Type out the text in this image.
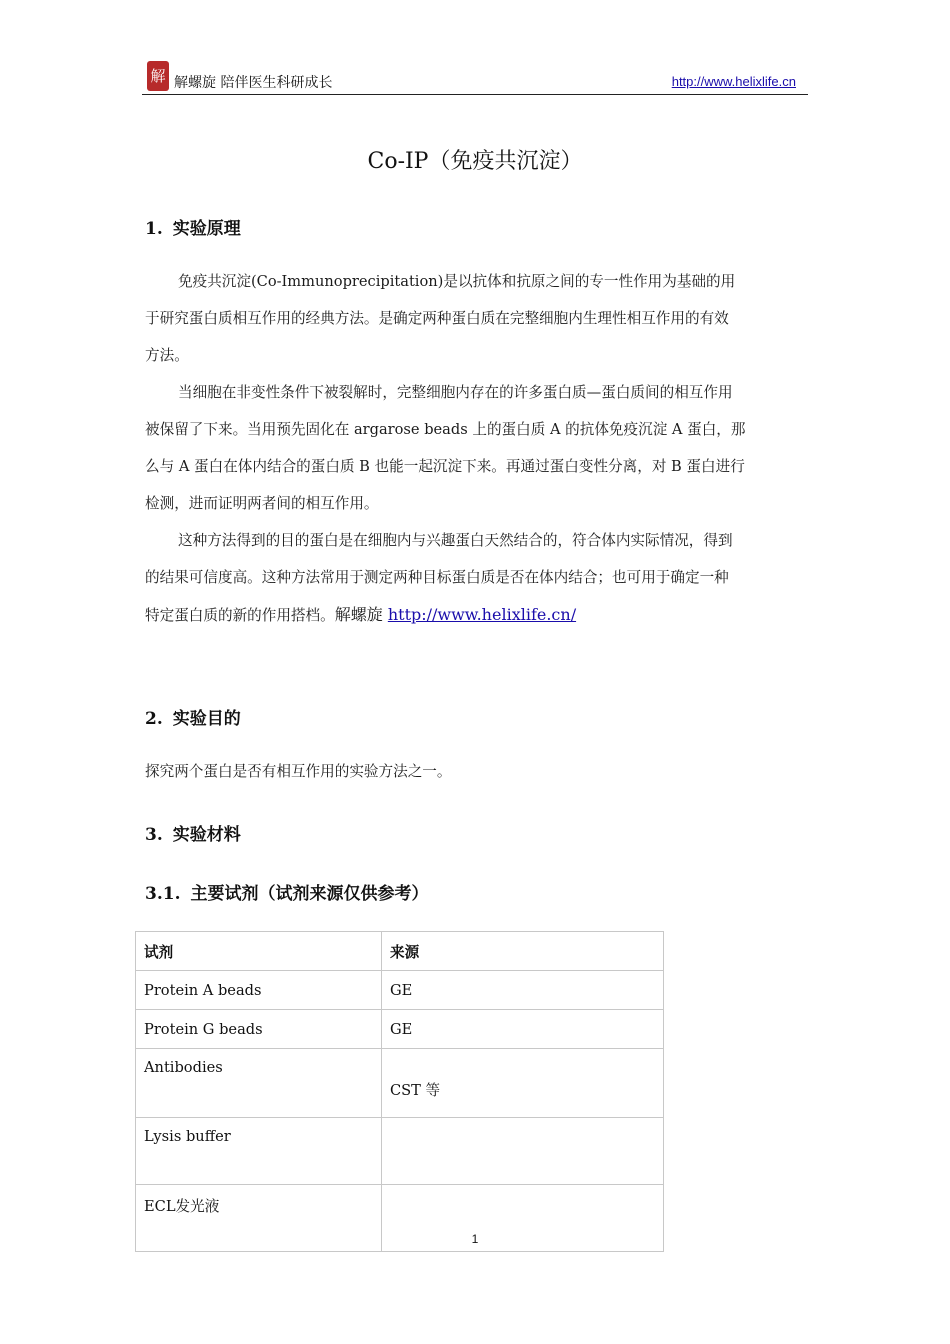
解 解螺旋 陪伴医生科研成长	http://www.helixlife.cn
Co-IP（免疫共沉淀）
1. 实验原理
免疫共沉淀(Co-Immunoprecipitation)是以抗体和抗原之间的专一性作用为基础的用
于研究蛋白质相互作用的经典方法。是确定两种蛋白质在完整细胞内生理性相互作用的有效
方法。
当细胞在非变性条件下被裂解时，完整细胞内存在的许多蛋白质—蛋白质间的相互作用
被保留了下来。当用预先固化在 argarose beads 上的蛋白质 A 的抗体免疫沉淀 A 蛋白，那
么与 A 蛋白在体内结合的蛋白质 B 也能一起沉淀下来。再通过蛋白变性分离，对 B 蛋白进行
检测，进而证明两者间的相互作用。
这种方法得到的目的蛋白是在细胞内与兴趣蛋白天然结合的，符合体内实际情况，得到
的结果可信度高。这种方法常用于测定两种目标蛋白质是否在体内结合；也可用于确定一种
特定蛋白质的新的作用搭档。解螺旋 http://www.helixlife.cn/
2. 实验目的
探究两个蛋白是否有相互作用的实验方法之一。
3. 实验材料
3.1. 主要试剂（试剂来源仅供参考）
试剂	来源
Protein A beads	GE
Protein G beads	GE
Antibodies	CST 等
Lysis buffer	
ECL发光液	
1
